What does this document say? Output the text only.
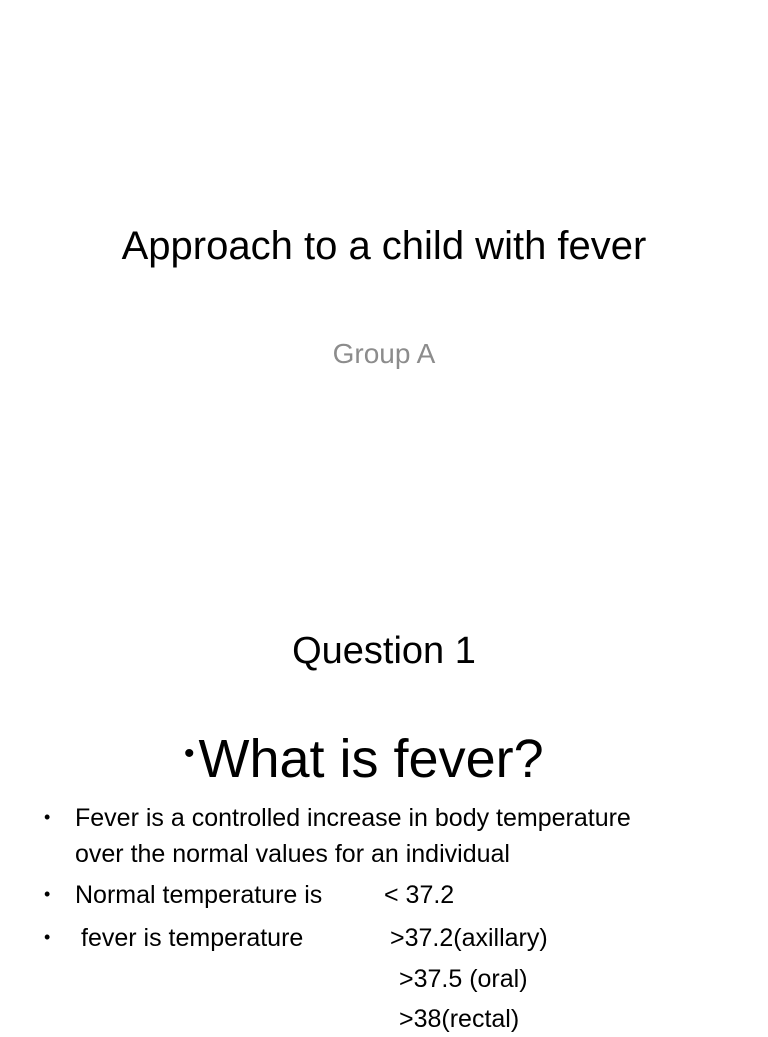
Approach to a child with fever
Group A
Question 1
•What is fever?
• Fever is a controlled increase in body temperature
over the normal values for an individual
• Normal temperature is < 37.2
• fever is temperature	>37.2(axillary)
>37.5 (oral)
>38(rectal)
